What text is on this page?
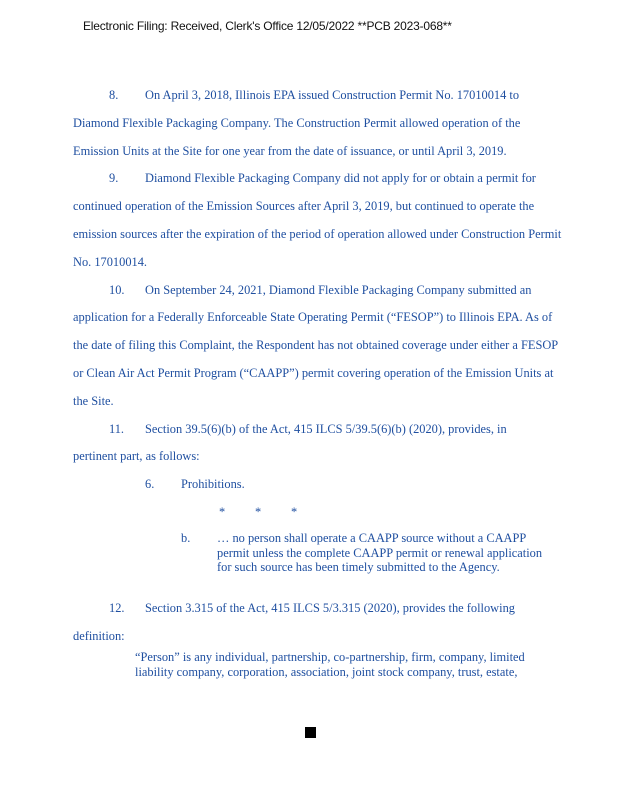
Electronic Filing: Received, Clerk's Office 12/05/2022 **PCB 2023-068**

8. On April 3, 2018, Illinois EPA issued Construction Permit No. 17010014 to

Diamond Flexible Packaging Company. The Construction Permit allowed operation of the

Emission Units at the Site for one year from the date of issuance, or until April 3, 2019.

9. Diamond Flexible Packaging Company did not apply for or obtain a permit for

continued operation of the Emission Sources after April 3, 2019, but continued to operate the

emission sources after the expiration of the period of operation allowed under Construction Permit

No. 17010014.

10. On September 24, 2021, Diamond Flexible Packaging Company submitted an

application for a Federally Enforceable State Operating Permit (“FESOP”) to Illinois EPA. As of

the date of filing this Complaint, the Respondent has not obtained coverage under either a FESOP

or Clean Air Act Permit Program (“CAAPP”) permit covering operation of the Emission Units at

the Site.

11. Section 39.5(6)(b) of the Act, 415 ILCS 5/39.5(6)(b) (2020), provides, in

pertinent part, as follows:

6. Prohibitions.

* * *

b.	… no person shall operate a CAAPP source without a CAAPP
permit unless the complete CAAPP permit or renewal application
for such source has been timely submitted to the Agency.

12. Section 3.315 of the Act, 415 ILCS 5/3.315 (2020), provides the following

definition:

“Person” is any individual, partnership, co-partnership, firm, company, limited
liability company, corporation, association, joint stock company, trust, estate,
